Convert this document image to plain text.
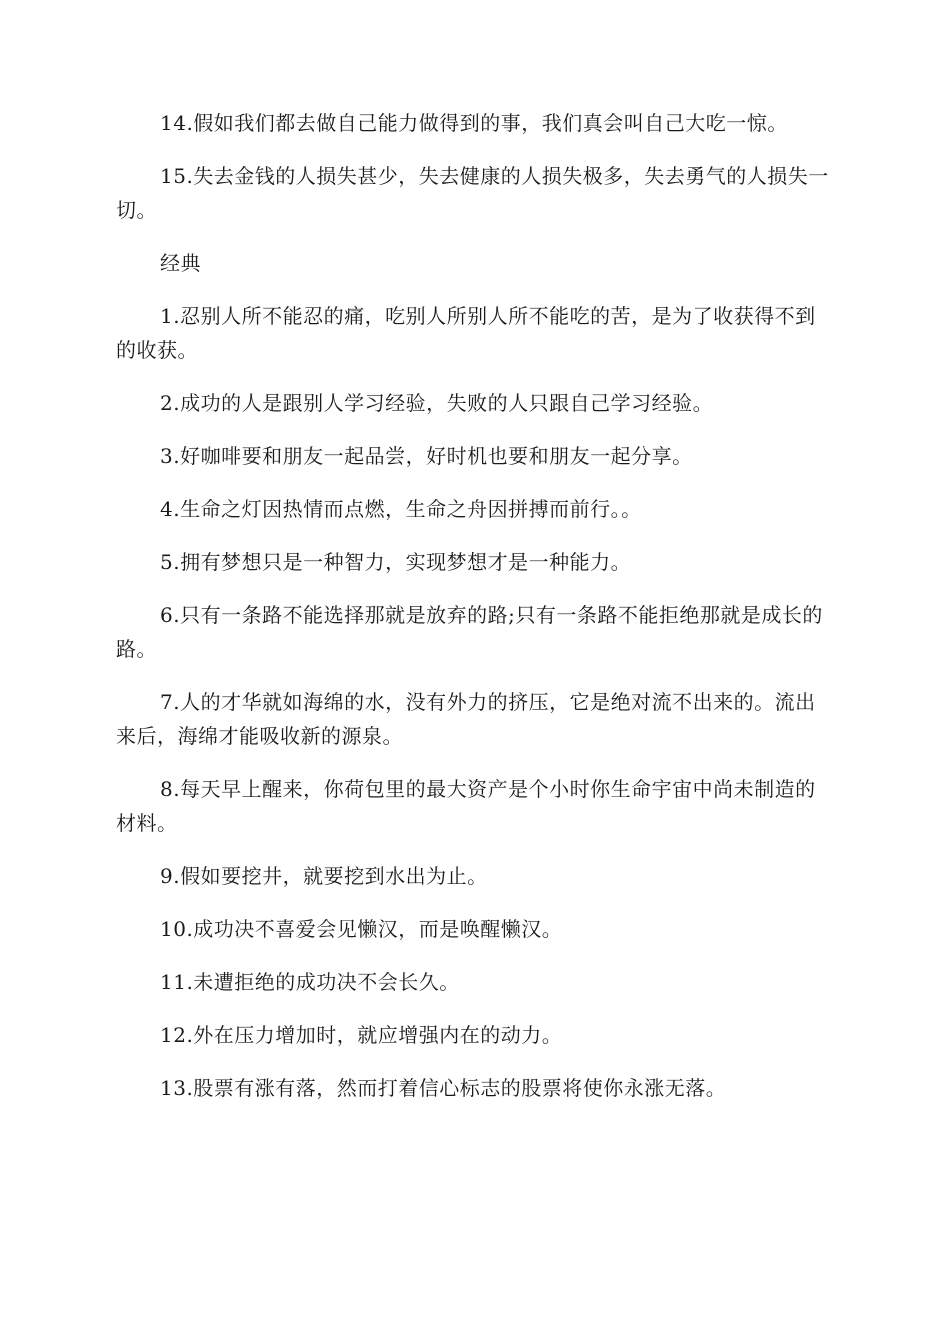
14.假如我们都去做自己能力做得到的事，我们真会叫自己大吃一惊。

15.失去金钱的人损失甚少，失去健康的人损失极多，失去勇气的人损失一切。

经典

1.忍别人所不能忍的痛，吃别人所别人所不能吃的苦，是为了收获得不到的收获。

2.成功的人是跟别人学习经验，失败的人只跟自己学习经验。

3.好咖啡要和朋友一起品尝，好时机也要和朋友一起分享。

4.生命之灯因热情而点燃，生命之舟因拼搏而前行。。

5.拥有梦想只是一种智力，实现梦想才是一种能力。

6.只有一条路不能选择那就是放弃的路;只有一条路不能拒绝那就是成长的路。

7.人的才华就如海绵的水，没有外力的挤压，它是绝对流不出来的。流出来后，海绵才能吸收新的源泉。

8.每天早上醒来，你荷包里的最大资产是个小时你生命宇宙中尚未制造的材料。

9.假如要挖井，就要挖到水出为止。

10.成功决不喜爱会见懒汉，而是唤醒懒汉。

11.未遭拒绝的成功决不会长久。

12.外在压力增加时，就应增强内在的动力。

13.股票有涨有落，然而打着信心标志的股票将使你永涨无落。
